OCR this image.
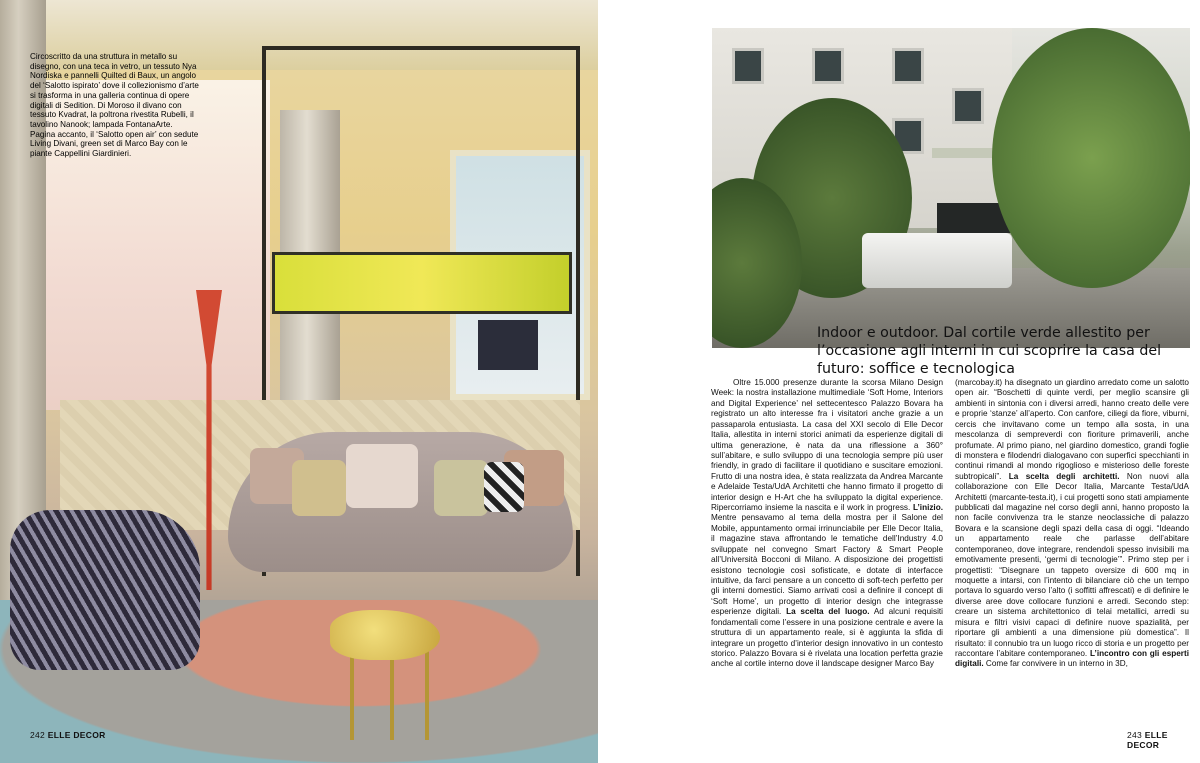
Circoscritto da una struttura in metallo su disegno, con una teca in vetro, un tessuto Nya Nordiska e pannelli Quilted di Baux, un angolo del ‘Salotto ispirato’ dove il collezionismo d’arte si trasforma in una galleria continua di opere digitali di Sedition. Di Moroso il divano con tessuto Kvadrat, la poltrona rivestita Rubelli, il tavolino Nanook; lampada FontanaArte. Pagina accanto, il ‘Salotto open air’ con sedute Living Divani, green set di Marco Bay con le piante Cappellini Giardinieri.

242 ELLE DECOR
Indoor e outdoor. Dal cortile verde allestito per l’occasione agli interni in cui scoprire la casa del futuro: soffice e tecnologica

Oltre 15.000 presenze durante la scorsa Milano Design Week: la nostra installazione multimediale ‘Soft Home, Interiors and Digital Experience’ nel settecentesco Palazzo Bovara ha registrato un alto interesse fra i visitatori anche grazie a un passaparola entusiasta. La casa del XXI secolo di Elle Decor Italia, allestita in interni storici animati da esperienze digitali di ultima generazione, è nata da una riflessione a 360° sull’abitare, e sullo sviluppo di una tecnologia sempre più user friendly, in grado di facilitare il quotidiano e suscitare emozioni. Frutto di una nostra idea, è stata realizzata da Andrea Marcante e Adelaide Testa/UdA Architetti che hanno firmato il progetto di interior design e H-Art che ha sviluppato la digital experience. Ripercorriamo insieme la nascita e il work in progress. L’inizio. Mentre pensavamo al tema della mostra per il Salone del Mobile, appuntamento ormai irrinunciabile per Elle Decor Italia, il magazine stava affrontando le tematiche dell’Industry 4.0 sviluppate nel convegno Smart Factory & Smart People all’Università Bocconi di Milano. A disposizione dei progettisti esistono tecnologie così sofisticate, e dotate di interfacce intuitive, da farci pensare a un concetto di soft-tech perfetto per gli interni domestici. Siamo arrivati così a definire il concept di ‘Soft Home’, un progetto di interior design che integrasse esperienze digitali. La scelta del luogo. Ad alcuni requisiti fondamentali come l’essere in una posizione centrale e avere la struttura di un appartamento reale, si è aggiunta la sfida di integrare un progetto d’interior design innovativo in un contesto storico. Palazzo Bovara si è rivelata una location perfetta grazie anche al cortile interno dove il landscape designer Marco Bay

(marcobay.it) ha disegnato un giardino arredato come un salotto open air. “Boschetti di quinte verdi, per meglio scansire gli ambienti in sintonia con i diversi arredi, hanno creato delle vere e proprie ‘stanze’ all’aperto. Con canfore, ciliegi da fiore, viburni, cercis che invitavano come un tempo alla sosta, in una mescolanza di sempreverdi con fioriture primaverili, anche profumate. Al primo piano, nel giardino domestico, grandi foglie di monstera e filodendri dialogavano con superfici specchianti in continui rimandi al mondo rigoglioso e misterioso delle foreste subtropicali”. La scelta degli architetti. Non nuovi alla collaborazione con Elle Decor Italia, Marcante Testa/UdA Architetti (marcante-testa.it), i cui progetti sono stati ampiamente pubblicati dal magazine nel corso degli anni, hanno proposto la non facile convivenza tra le stanze neoclassiche di palazzo Bovara e la scansione degli spazi della casa di oggi. “Ideando un appartamento reale che parlasse dell’abitare contemporaneo, dove integrare, rendendoli spesso invisibili ma emotivamente presenti, ‘germi di tecnologie’”. Primo step per i progettisti: “Disegnare un tappeto oversize di 600 mq in moquette a intarsi, con l’intento di bilanciare ciò che un tempo portava lo sguardo verso l’alto (i soffitti affrescati) e di definire le diverse aree dove collocare funzioni e arredi. Secondo step: creare un sistema architettonico di telai metallici, arredi su misura e filtri visivi capaci di definire nuove spazialità, per riportare gli ambienti a una dimensione più domestica”. Il risultato: il connubio tra un luogo ricco di storia e un progetto per raccontare l’abitare contemporaneo. L’incontro con gli esperti digitali. Come far convivere in un interno in 3D,

243 ELLE DECOR
